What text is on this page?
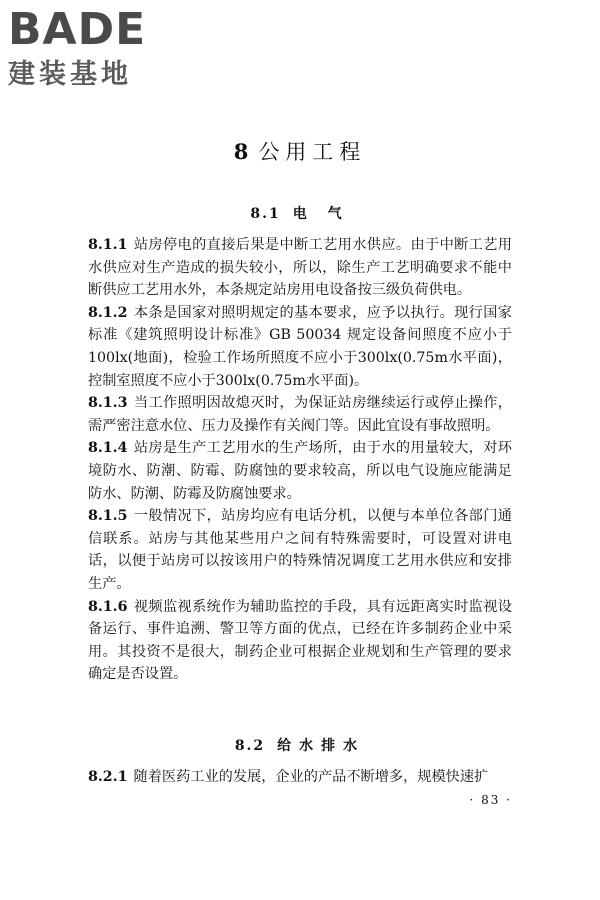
BADE
建装基地
8 公用工程
8.1 电 气

8.1.1 站房停电的直接后果是中断工艺用水供应。由于中断工艺用水供应对生产造成的损失较小，所以，除生产工艺明确要求不能中断供应工艺用水外，本条规定站房用电设备按三级负荷供电。

8.1.2 本条是国家对照明规定的基本要求，应予以执行。现行国家标准《建筑照明设计标准》GB 50034 规定设备间照度不应小于100lx(地面)，检验工作场所照度不应小于300lx(0.75m水平面)，控制室照度不应小于300lx(0.75m水平面)。

8.1.3 当工作照明因故熄灭时，为保证站房继续运行或停止操作，需严密注意水位、压力及操作有关阀门等。因此宜设有事故照明。

8.1.4 站房是生产工艺用水的生产场所，由于水的用量较大，对环境防水、防潮、防霉、防腐蚀的要求较高，所以电气设施应能满足防水、防潮、防霉及防腐蚀要求。

8.1.5 一般情况下，站房均应有电话分机，以便与本单位各部门通信联系。站房与其他某些用户之间有特殊需要时，可设置对讲电话，以便于站房可以按该用户的特殊情况调度工艺用水供应和安排生产。

8.1.6 视频监视系统作为辅助监控的手段，具有远距离实时监视设备运行、事件追溯、警卫等方面的优点，已经在许多制药企业中采用。其投资不是很大，制药企业可根据企业规划和生产管理的要求确定是否设置。

8.2 给水排水

8.2.1 随着医药工业的发展，企业的产品不断增多，规模快速扩

· 83 ·
